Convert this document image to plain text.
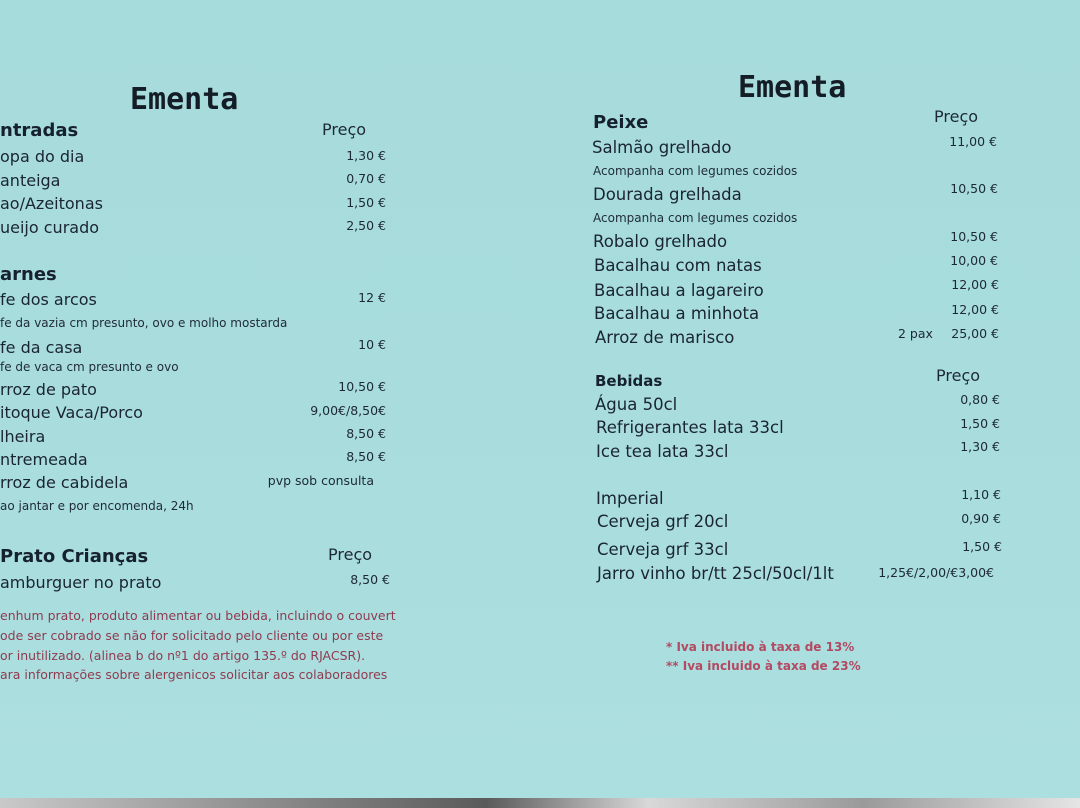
Ementa
ntradas	Preço
opa do dia	1,30 €
anteiga	0,70 €
ao/Azeitonas	1,50 €
ueijo curado	2,50 €
arnes
fe dos arcos	12 €
fe da vazia cm presunto, ovo e molho mostarda
fe da casa	10 €
fe de vaca cm presunto e ovo
rroz de pato	10,50 €
itoque Vaca/Porco	9,00€/8,50€
lheira	8,50 €
ntremeada	8,50 €
rroz de cabidela	pvp sob consulta
ao jantar e por encomenda, 24h
Prato Crianças	Preço
amburguer no prato	8,50 €
enhum prato, produto alimentar ou bebida, incluindo o couvert
ode ser cobrado se não for solicitado pelo cliente ou por este
or inutilizado. (alinea b do nº1 do artigo 135.º do RJACSR).
ara informações sobre alergenicos solicitar aos colaboradores
Ementa
Peixe	Preço
Salmão grelhado	11,00 €
Acompanha com legumes cozidos
Dourada grelhada	10,50 €
Acompanha com legumes cozidos
Robalo grelhado	10,50 €
Bacalhau com natas	10,00 €
Bacalhau a lagareiro	12,00 €
Bacalhau a minhota	12,00 €
Arroz de marisco	2 pax 25,00 €
Bebidas	Preço
Água 50cl	0,80 €
Refrigerantes lata 33cl	1,50 €
Ice tea lata 33cl	1,30 €
Imperial	1,10 €
Cerveja grf 20cl	0,90 €
Cerveja grf 33cl	1,50 €
Jarro vinho br/tt 25cl/50cl/1lt	1,25€/2,00/€3,00€
* Iva incluido à taxa de 13%
** Iva incluido à taxa de 23%
